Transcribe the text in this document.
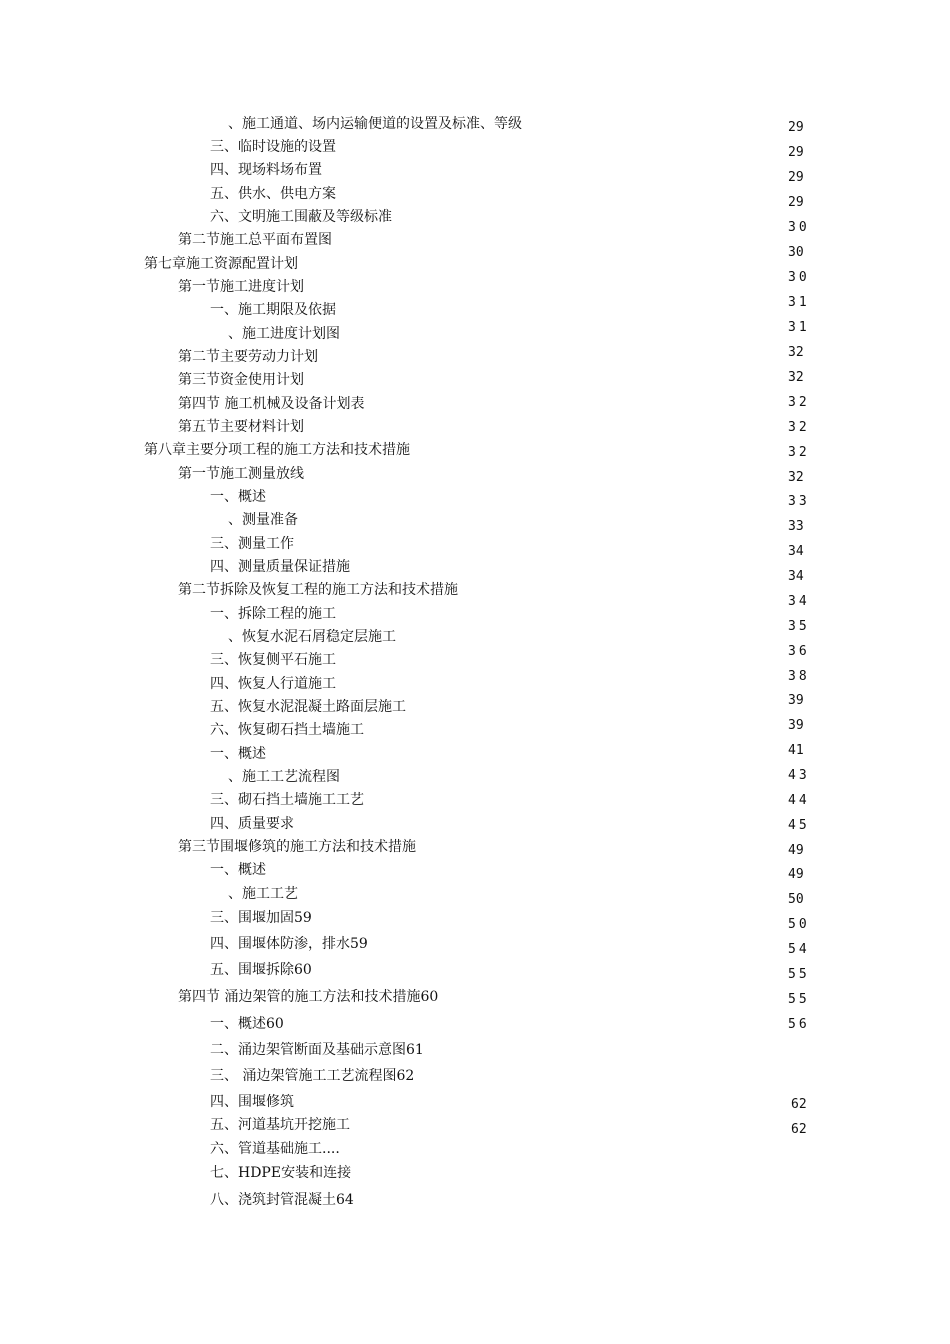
、施工通道、场内运输便道的设置及标准、等级
三、临时设施的设置
四、现场料场布置
五、供水、供电方案
六、文明施工围蔽及等级标准
第二节施工总平面布置图
第七章施工资源配置计划
第一节施工进度计划
一、施工期限及依据
、施工进度计划图
第二节主要劳动力计划
第三节资金使用计划
第四节 施工机械及设备计划表
第五节主要材料计划
第八章主要分项工程的施工方法和技术措施
第一节施工测量放线
一、概述
、测量准备
三、测量工作
四、测量质量保证措施
第二节拆除及恢复工程的施工方法和技术措施
一、拆除工程的施工
、恢复水泥石屑稳定层施工
三、恢复侧平石施工
四、恢复人行道施工
五、恢复水泥混凝土路面层施工
六、恢复砌石挡土墙施工
一、概述
、施工工艺流程图
三、砌石挡土墙施工工艺
四、质量要求
第三节围堰修筑的施工方法和技术措施
一、概述
、施工工艺
三、围堰加固59
四、围堰体防渗，排水59
五、围堰拆除60
第四节 涌边架管的施工方法和技术措施60
一、概述60
二、涌边架管断面及基础示意图61
三、 涌边架管施工工艺流程图62
四、围堰修筑
五、河道基坑开挖施工
六、管道基础施工....
七、HDPE安装和连接
八、浇筑封管混凝土64
29
29
29
29
30
30
30
31
31
32
32
32
32
32
32
33
33
34
34
34
35
36
38
39
39
41
43
44
45
49
49
50
50
54
55
55
56
62
62
